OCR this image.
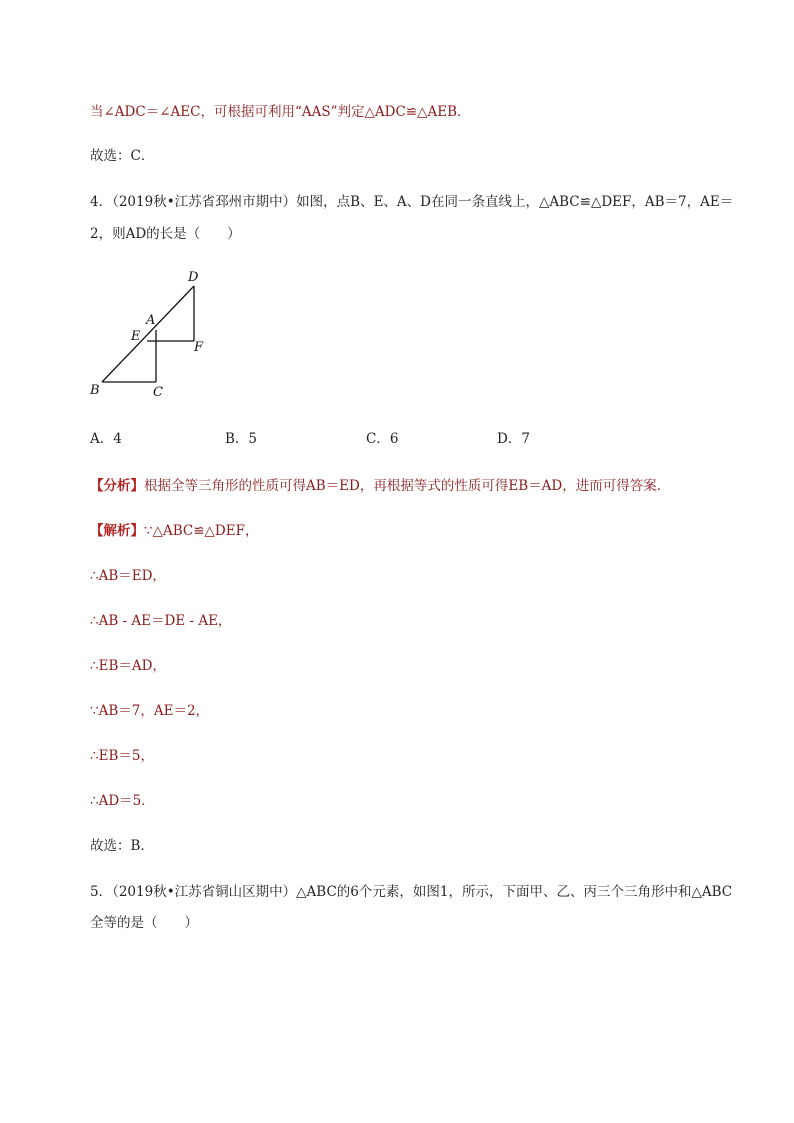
当∠ADC＝∠AEC，可根据可利用“AAS”判定△ADC≌△AEB．
故选：C．
4．（2019秋•江苏省邳州市期中）如图，点B、E、A、D在同一条直线上，△ABC≌△DEF，AB＝7，AE＝
2，则AD的长是（　　）
D
A
E
F
B	C
A．4	B．5	C．6	D．7
【分析】根据全等三角形的性质可得AB＝ED，再根据等式的性质可得EB＝AD，进而可得答案．
【解析】∵△ABC≌△DEF，
∴AB＝ED，
∴AB - AE＝DE - AE，
∴EB＝AD，
∵AB＝7，AE＝2，
∴EB＝5，
∴AD＝5．
故选：B．
5．（2019秋•江苏省铜山区期中）△ABC的6个元素，如图1，所示，下面甲、乙、丙三个三角形中和△ABC
全等的是（　　）
